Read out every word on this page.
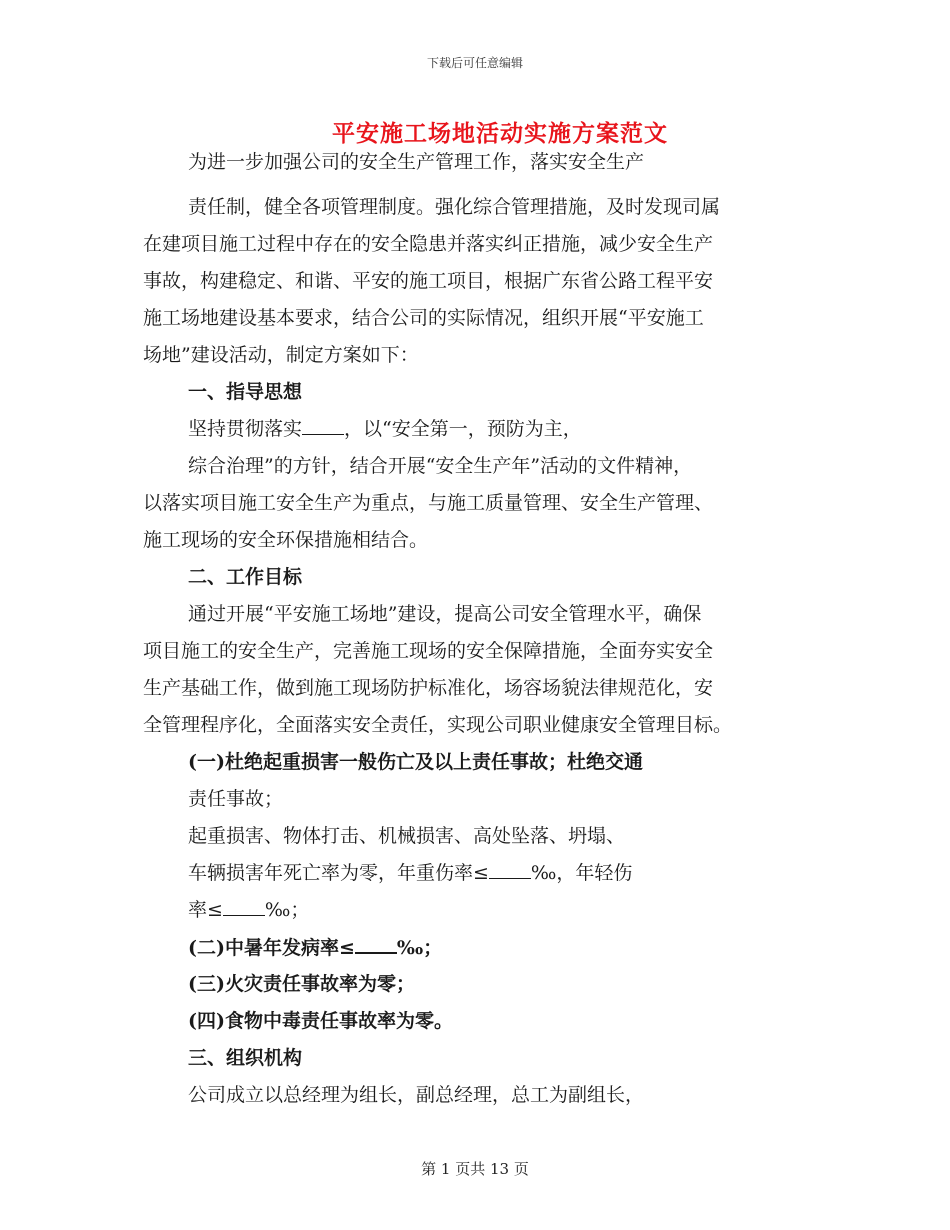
下载后可任意编辑
平安施工场地活动实施方案范文
为进一步加强公司的安全生产管理工作，落实安全生产
责任制，健全各项管理制度。强化综合管理措施，及时发现司属
在建项目施工过程中存在的安全隐患并落实纠正措施，减少安全生产
事故，构建稳定、和谐、平安的施工项目，根据广东省公路工程平安
施工场地建设基本要求，结合公司的实际情况，组织开展“平安施工
场地”建设活动，制定方案如下：
一、指导思想
坚持贯彻落实 ，以“安全第一，预防为主，
综合治理”的方针，结合开展“安全生产年”活动的文件精神，
以落实项目施工安全生产为重点，与施工质量管理、安全生产管理、
施工现场的安全环保措施相结合。
二、工作目标
通过开展“平安施工场地”建设，提高公司安全管理水平，确保
项目施工的安全生产，完善施工现场的安全保障措施，全面夯实安全
生产基础工作，做到施工现场防护标准化，场容场貌法律规范化，安
全管理程序化，全面落实安全责任，实现公司职业健康安全管理目标。
(一)杜绝起重损害一般伤亡及以上责任事故；杜绝交通
责任事故；
起重损害、物体打击、机械损害、高处坠落、坍塌、
车辆损害年死亡率为零，年重伤率≤ ‰，年轻伤
率≤ ‰；
(二)中暑年发病率≤ ‰；
(三)火灾责任事故率为零；
(四)食物中毒责任事故率为零。
三、组织机构
公司成立以总经理为组长，副总经理，总工为副组长，
第 1 页共 13 页
